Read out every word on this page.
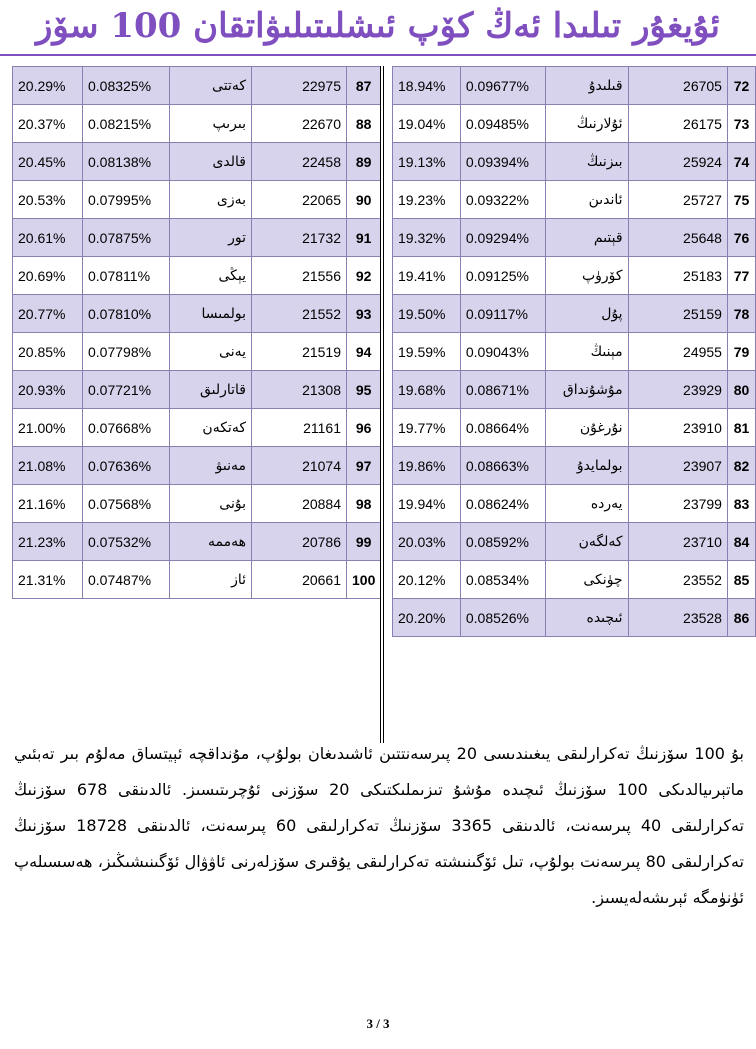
ئۇيغۇر تىلىدا ئەڭ كۆپ ئىشلىتىلىۋاتقان 100 سۆز
20.29%	0.08325%	كەتتى	22975	87
20.37%	0.08215%	بىرىپ	22670	88
20.45%	0.08138%	قالدى	22458	89
20.53%	0.07995%	بەزى	22065	90
20.61%	0.07875%	تور	21732	91
20.69%	0.07811%	يېڭى	21556	92
20.77%	0.07810%	بولمىسا	21552	93
20.85%	0.07798%	يەنى	21519	94
20.93%	0.07721%	قاتارلىق	21308	95
21.00%	0.07668%	كەتكەن	21161	96
21.08%	0.07636%	مەنىۋ	21074	97
21.16%	0.07568%	بۇنى	20884	98
21.23%	0.07532%	ھەممە	20786	99
21.31%	0.07487%	ئاز	20661	100
18.94%	0.09677%	قىلىدۇ	26705	72
19.04%	0.09485%	ئۇلارنىڭ	26175	73
19.13%	0.09394%	بىزنىڭ	25924	74
19.23%	0.09322%	ئاندىن	25727	75
19.32%	0.09294%	قېتىم	25648	76
19.41%	0.09125%	كۆرۈپ	25183	77
19.50%	0.09117%	پۇل	25159	78
19.59%	0.09043%	مېنىڭ	24955	79
19.68%	0.08671%	مۇشۇنداق	23929	80
19.77%	0.08664%	نۇرغۇن	23910	81
19.86%	0.08663%	بولمايدۇ	23907	82
19.94%	0.08624%	يەردە	23799	83
20.03%	0.08592%	كەلگەن	23710	84
20.12%	0.08534%	چۈنكى	23552	85
20.20%	0.08526%	ئىچىدە	23528	86
بۇ 100 سۆزنىڭ تەكرارلىقى يىغىندىسى 20 پىرسەنتتىن ئاشىدىغان بولۇپ، مۇنداقچە ئېيتساق مەلۇم بىر تەبئىي ماتېرىيالدىكى 100 سۆزنىڭ ئىچىدە مۇشۇ تىزىملىكتىكى 20 سۆزنى ئۇچرىتىسىز. ئالدىنقى 678 سۆزنىڭ تەكرارلىقى 40 پىرسەنت، ئالدىنقى 3365 سۆزنىڭ تەكرارلىقى 60 پىرسەنت، ئالدىنقى 18728 سۆزنىڭ تەكرارلىقى 80 پىرسەنت بولۇپ، تىل ئۆگىنىشتە تەكرارلىقى يۇقىرى سۆزلەرنى ئاۋۋال ئۆگىنىشىڭىز، ھەسسىلەپ ئۈنۈمگە ئېرىشەلەيسىز.
3 / 3
